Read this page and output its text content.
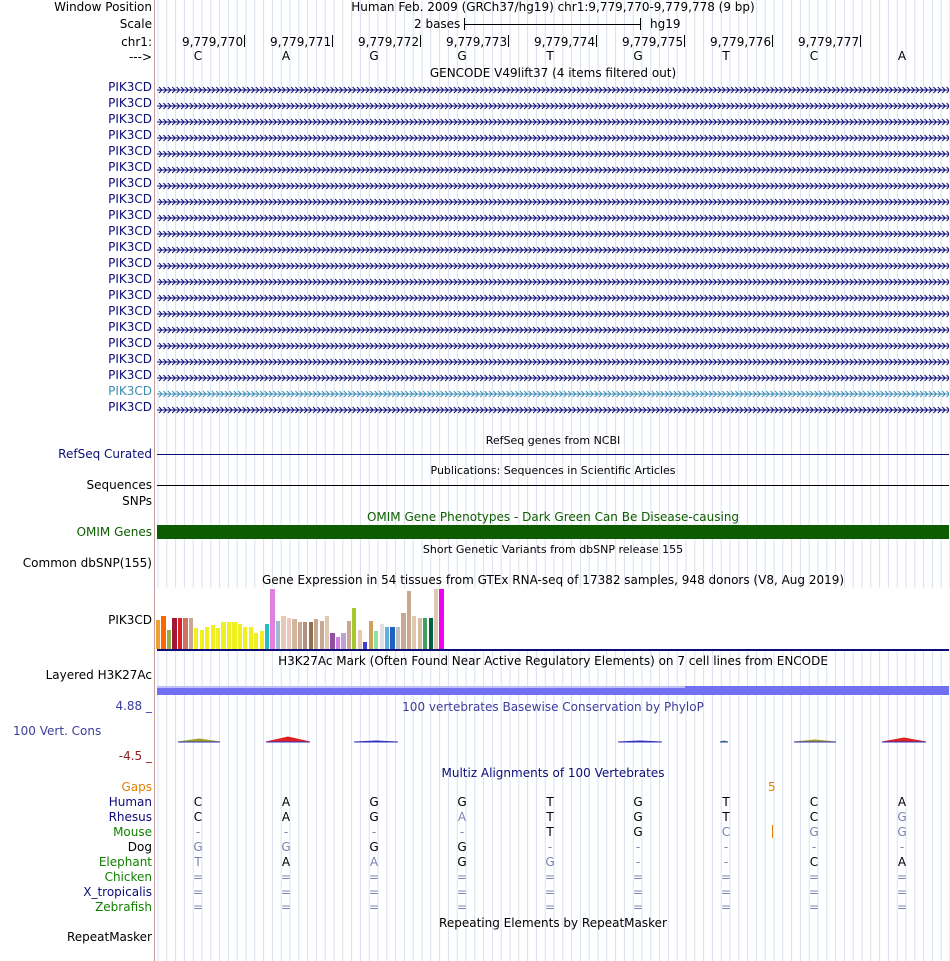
Window Position	Human Feb. 2009 (GRCh37/hg19) chr1:9,779,770-9,779,778 (9 bp)
Scale	2 bases	hg19
chr1:	9,779,770 9,779,771 9,779,772 9,779,773 9,779,774 9,779,775 9,779,776 9,779,777
--->	C	A	G	G	T	G	T	C	A
GENCODE V49lift37 (4 items filtered out)
PIK3CD
PIK3CD
PIK3CD
PIK3CD
PIK3CD
PIK3CD
PIK3CD
PIK3CD
PIK3CD
PIK3CD
PIK3CD
PIK3CD
PIK3CD
PIK3CD
PIK3CD
PIK3CD
PIK3CD
PIK3CD
PIK3CD
PIK3CD
PIK3CD
RefSeq genes from NCBI
RefSeq Curated
Publications: Sequences in Scientific Articles
Sequences
SNPs
OMIM Gene Phenotypes - Dark Green Can Be Disease-causing
OMIM Genes
Short Genetic Variants from dbSNP release 155
Common dbSNP(155)
Gene Expression in 54 tissues from GTEx RNA-seq of 17382 samples, 948 donors (V8, Aug 2019)
PIK3CD
H3K27Ac Mark (Often Found Near Active Regulatory Elements) on 7 cell lines from ENCODE
Layered H3K27Ac
4.88 _	100 vertebrates Basewise Conservation by PhyloP
100 Vert. Cons
-4.5 _
Multiz Alignments of 100 Vertebrates
Gaps	5
Human	C	A	G	G	T	G	T	C	A
Rhesus	C	A	G	A	T	G	T	C	G
Mouse	-	-	-	-	T	G	C	G	G
Dog	G	G	G	G	-	-	-	-	-
Elephant	T	A	A	G	G	-	-	C	A
Chicken	=	=	=	=	=	=	=	=	=
X_tropicalis	=	=	=	=	=	=	=	=	=
Zebrafish	=	=	=	=	=	=	=	=	=
Repeating Elements by RepeatMasker
RepeatMasker
